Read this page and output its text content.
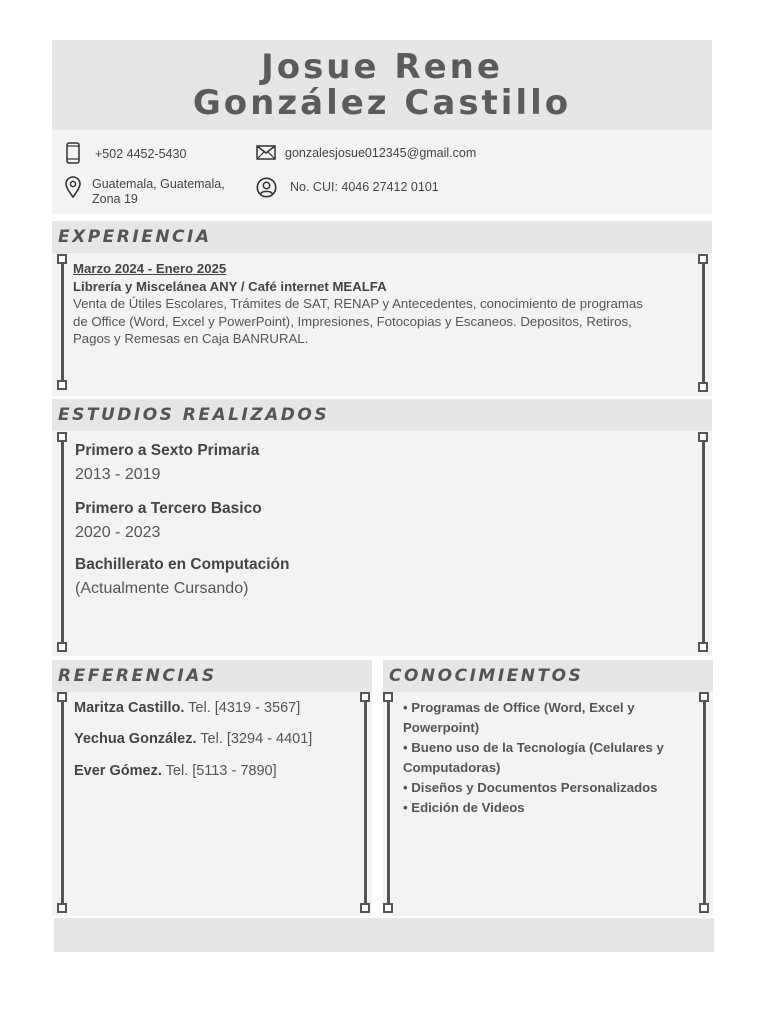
Josue Rene
González Castillo
+502 4452-5430	gonzalesjosue012345@gmail.com
Guatemala, Guatemala,
Zona 19
No. CUI: 4046 27412 0101
EXPERIENCIA
Marzo 2024 - Enero 2025
Librería y Miscelánea ANY / Café internet MEALFA
Venta de Útiles Escolares, Trámites de SAT, RENAP y Antecedentes, conocimiento de programas de Office (Word, Excel y PowerPoint), Impresiones, Fotocopias y Escaneos. Depositos, Retiros, Pagos y Remesas en Caja BANRURAL.
ESTUDIOS REALIZADOS
Primero a Sexto Primaria
2013 - 2019
Primero a Tercero Basico
2020 - 2023
Bachillerato en Computación
(Actualmente Cursando)
REFERENCIAS
Maritza Castillo. Tel. [4319 - 3567]
Yechua González. Tel. [3294 - 4401]
Ever Gómez. Tel. [5113 - 7890]
CONOCIMIENTOS
• Programas de Office (Word, Excel y Powerpoint)
• Bueno uso de la Tecnología (Celulares y Computadoras)
• Diseños y Documentos Personalizados
• Edición de Videos
